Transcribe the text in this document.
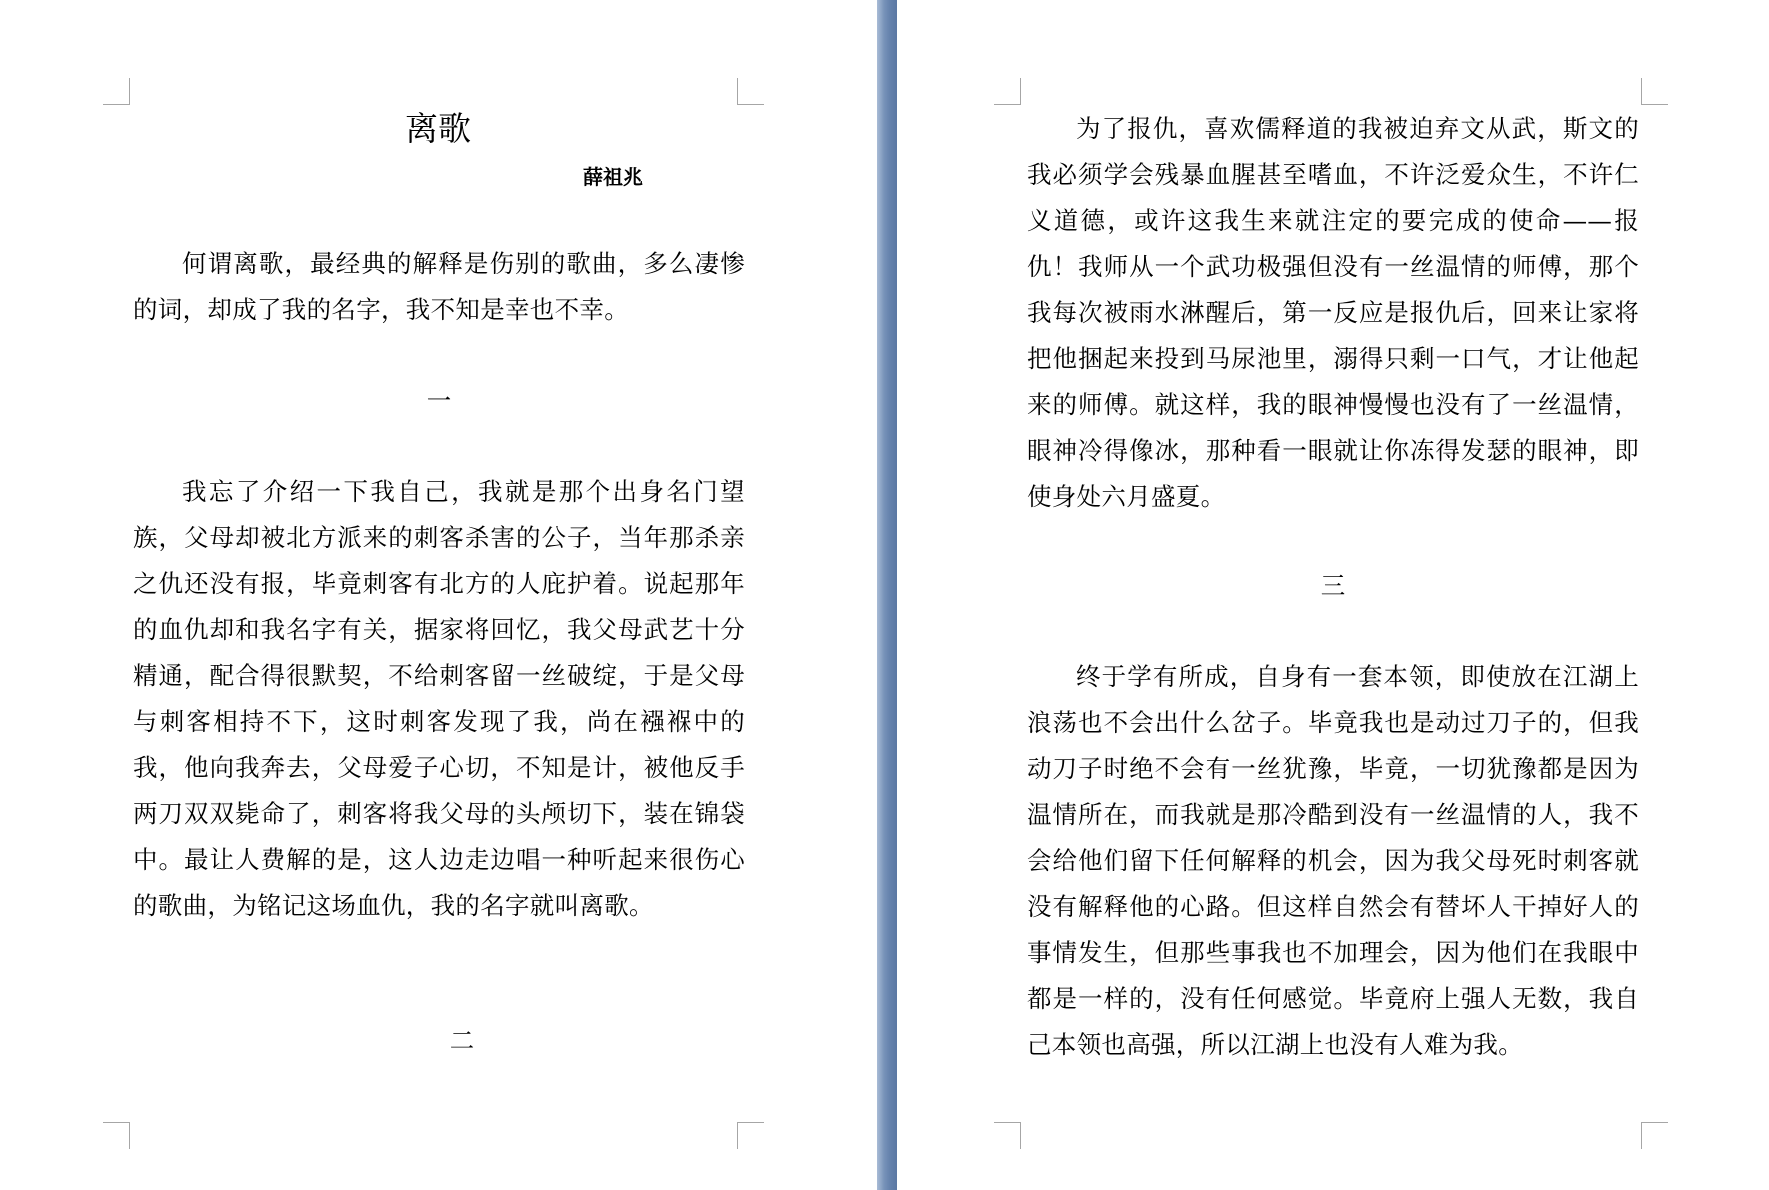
离歌
薛祖兆

何谓离歌，最经典的解释是伤别的歌曲，多么凄惨的词，却成了我的名字，我不知是幸也不幸。

一

我忘了介绍一下我自己，我就是那个出身名门望族，父母却被北方派来的刺客杀害的公子，当年那杀亲之仇还没有报，毕竟刺客有北方的人庇护着。说起那年的血仇却和我名字有关，据家将回忆，我父母武艺十分精通，配合得很默契，不给刺客留一丝破绽，于是父母与刺客相持不下，这时刺客发现了我，尚在襁褓中的我，他向我奔去，父母爱子心切，不知是计，被他反手两刀双双毙命了，刺客将我父母的头颅切下，装在锦袋中。最让人费解的是，这人边走边唱一种听起来很伤心的歌曲，为铭记这场血仇，我的名字就叫离歌。

二

为了报仇，喜欢儒释道的我被迫弃文从武，斯文的我必须学会残暴血腥甚至嗜血，不许泛爱众生，不许仁义道德，或许这我生来就注定的要完成的使命——报仇！我师从一个武功极强但没有一丝温情的师傅，那个我每次被雨水淋醒后，第一反应是报仇后，回来让家将把他捆起来投到马尿池里，溺得只剩一口气，才让他起来的师傅。就这样，我的眼神慢慢也没有了一丝温情，眼神冷得像冰，那种看一眼就让你冻得发瑟的眼神，即使身处六月盛夏。

三

终于学有所成，自身有一套本领，即使放在江湖上浪荡也不会出什么岔子。毕竟我也是动过刀子的，但我动刀子时绝不会有一丝犹豫，毕竟，一切犹豫都是因为温情所在，而我就是那冷酷到没有一丝温情的人，我不会给他们留下任何解释的机会，因为我父母死时刺客就没有解释他的心路。但这样自然会有替坏人干掉好人的事情发生，但那些事我也不加理会，因为他们在我眼中都是一样的，没有任何感觉。毕竟府上强人无数，我自己本领也高强，所以江湖上也没有人难为我。
